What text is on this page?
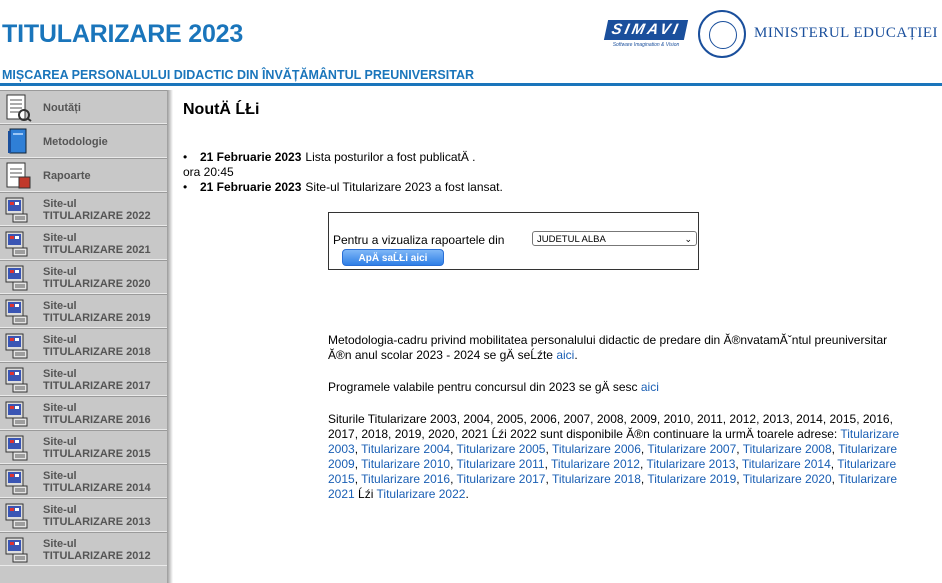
TITULARIZARE 2023	SIMAVI
Software Imagination & Vision
MINISTERUL EDUCAȚIEI
MIȘCAREA PERSONALULUI DIDACTIC DIN ÎNVĂȚĂMÂNTUL PREUNIVERSITAR
Noutăți
Metodologie
Rapoarte
Site-ul
TITULARIZARE 2022
Site-ul
TITULARIZARE 2021
Site-ul
TITULARIZARE 2020
Site-ul
TITULARIZARE 2019
Site-ul
TITULARIZARE 2018
Site-ul
TITULARIZARE 2017
Site-ul
TITULARIZARE 2016
Site-ul
TITULARIZARE 2015
Site-ul
TITULARIZARE 2014
Site-ul
TITULARIZARE 2013
Site-ul
TITULARIZARE 2012
NoutÄ ĹŁi
• 21 Februarie 2023 Lista posturilor a fost publicatÄ .
ora 20:45
• 21 Februarie 2023 Site-ul Titularizare 2023 a fost lansat.
Pentru a vizualiza rapoartele din	JUDETUL ALBA	⌄
ApÄ saĹŁi aici
Metodologia-cadru privind mobilitatea personalului didactic de predare din Ă®nvatamĂˇntul preuniversitar Ă®n anul scolar 2023 - 2024 se gÄ seĹźte aici.
Programele valabile pentru concursul din 2023 se gÄ sesc aici
Siturile Titularizare 2003, 2004, 2005, 2006, 2007, 2008, 2009, 2010, 2011, 2012, 2013, 2014, 2015, 2016, 2017, 2018, 2019, 2020, 2021 Ĺźi 2022 sunt disponibile Ă®n continuare la urmÄ toarele adrese: Titularizare 2003, Titularizare 2004, Titularizare 2005, Titularizare 2006, Titularizare 2007, Titularizare 2008, Titularizare 2009, Titularizare 2010, Titularizare 2011, Titularizare 2012, Titularizare 2013, Titularizare 2014, Titularizare 2015, Titularizare 2016, Titularizare 2017, Titularizare 2018, Titularizare 2019, Titularizare 2020, Titularizare 2021 Ĺźi Titularizare 2022.
